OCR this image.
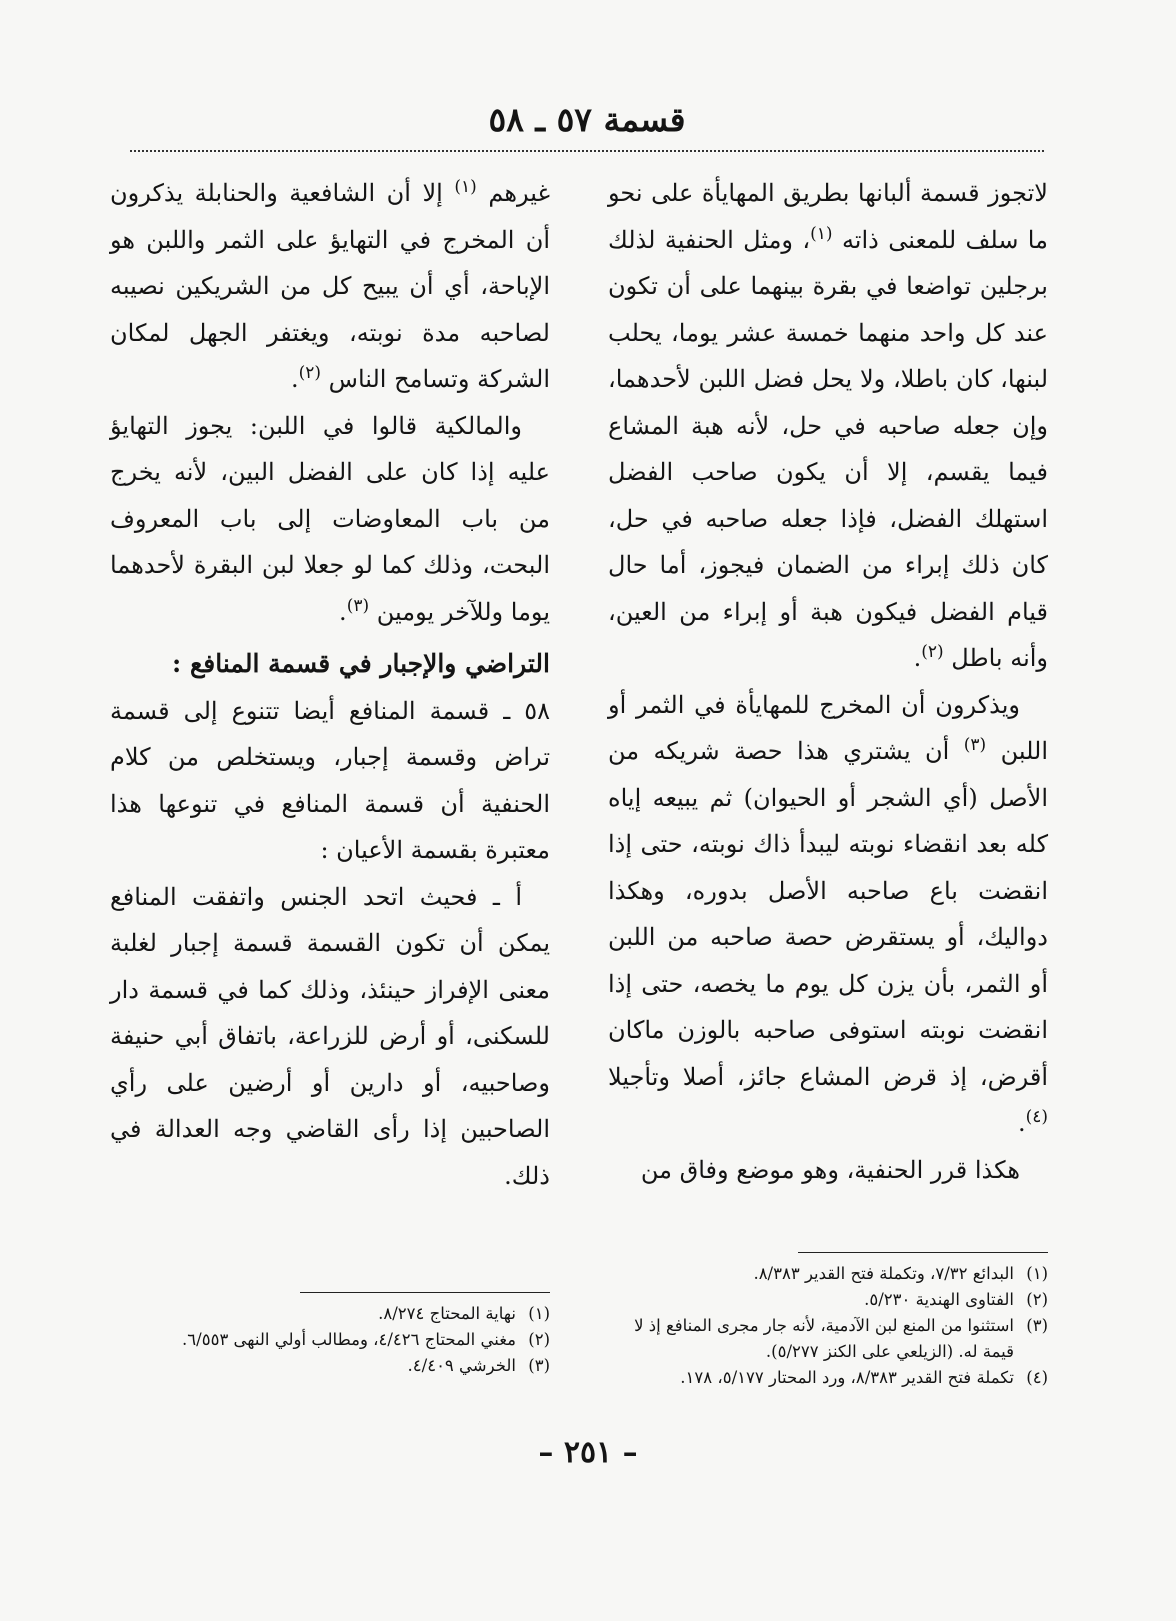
قسمة ٥٧ ـ ٥٨

لاتجوز قسمة ألبانها بطريق المهايأة على نحو ما سلف للمعنى ذاته $^{(١)}$، ومثل الحنفية لذلك برجلين تواضعا في بقرة بينهما على أن تكون عند كل واحد منهما خمسة عشر يوما، يحلب لبنها، كان باطلا، ولا يحل فضل اللبن لأحدهما، وإن جعله صاحبه في حل، لأنه هبة المشاع فيما يقسم، إلا أن يكون صاحب الفضل استهلك الفضل، فإذا جعله صاحبه في حل، كان ذلك إبراء من الضمان فيجوز، أما حال قيام الفضل فيكون هبة أو إبراء من العين، وأنه باطل $^{(٢)}$.

ويذكرون أن المخرج للمهايأة في الثمر أو اللبن $^{(٣)}$ أن يشتري هذا حصة شريكه من الأصل (أي الشجر أو الحيوان) ثم يبيعه إياه كله بعد انقضاء نوبته ليبدأ ذاك نوبته، حتى إذا انقضت باع صاحبه الأصل بدوره، وهكذا دواليك، أو يستقرض حصة صاحبه من اللبن أو الثمر، بأن يزن كل يوم ما يخصه، حتى إذا انقضت نوبته استوفى صاحبه بالوزن ماكان أقرض، إذ قرض المشاع جائز، أصلا وتأجيلا $^{(٤)}$.

هكذا قرر الحنفية، وهو موضع وفاق من

غيرهم $^{(١)}$ إلا أن الشافعية والحنابلة يذكرون أن المخرج في التهايؤ على الثمر واللبن هو الإباحة، أي أن يبيح كل من الشريكين نصيبه لصاحبه مدة نوبته، ويغتفر الجهل لمكان الشركة وتسامح الناس $^{(٢)}$.

والمالكية قالوا في اللبن: يجوز التهايؤ عليه إذا كان على الفضل البين، لأنه يخرج من باب المعاوضات إلى باب المعروف البحت، وذلك كما لو جعلا لبن البقرة لأحدهما يوما وللآخر يومين $^{(٣)}$.

التراضي والإجبار في قسمة المنافع :

٥٨ ـ قسمة المنافع أيضا تتنوع إلى قسمة تراض وقسمة إجبار، ويستخلص من كلام الحنفية أن قسمة المنافع في تنوعها هذا معتبرة بقسمة الأعيان :

أ ـ فحيث اتحد الجنس واتفقت المنافع يمكن أن تكون القسمة قسمة إجبار لغلبة معنى الإفراز حينئذ، وذلك كما في قسمة دار للسكنى، أو أرض للزراعة، باتفاق أبي حنيفة وصاحبيه، أو دارين أو أرضين على رأي الصاحبين إذا رأى القاضي وجه العدالة في ذلك.

(١)
البدائع ٧/٣٢، وتكملة فتح القدير ٨/٣٨٣.

(٢)
الفتاوى الهندية ٥/٢٣٠.

(٣)
استثنوا من المنع لبن الآدمية، لأنه جار مجرى المنافع إذ لا قيمة له. (الزيلعي على الكنز ٥/٢٧٧).

(٤)
تكملة فتح القدير ٨/٣٨٣، ورد المحتار ٥/١٧٧، ١٧٨.

(١)
نهاية المحتاج ٨/٢٧٤.

(٢)
مغني المحتاج ٤/٤٢٦، ومطالب أولي النهى ٦/٥٥٣.

(٣)
الخرشي ٤/٤٠٩.

– ٢٥١ –
